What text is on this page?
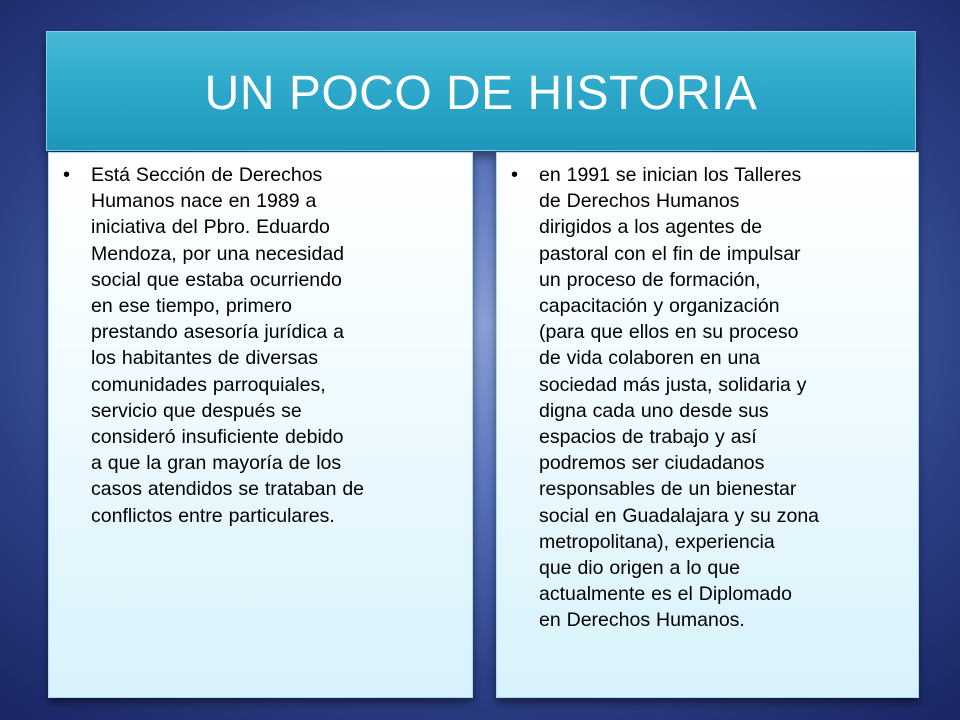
UN POCO DE HISTORIA
•	Está Sección de Derechos
Humanos nace en 1989 a
iniciativa del Pbro. Eduardo
Mendoza, por una necesidad
social que estaba ocurriendo
en ese tiempo, primero
prestando asesoría jurídica a
los habitantes de diversas
comunidades parroquiales,
servicio que después se
consideró insuficiente debido
a que la gran mayoría de los
casos atendidos se trataban de
conflictos entre particulares.
•	en 1991 se inician los Talleres
de Derechos Humanos
dirigidos a los agentes de
pastoral con el fin de impulsar
un proceso de formación,
capacitación y organización
(para que ellos en su proceso
de vida colaboren en una
sociedad más justa, solidaria y
digna cada uno desde sus
espacios de trabajo y así
podremos ser ciudadanos
responsables de un bienestar
social en Guadalajara y su zona
metropolitana), experiencia
que dio origen a lo que
actualmente es el Diplomado
en Derechos Humanos.
